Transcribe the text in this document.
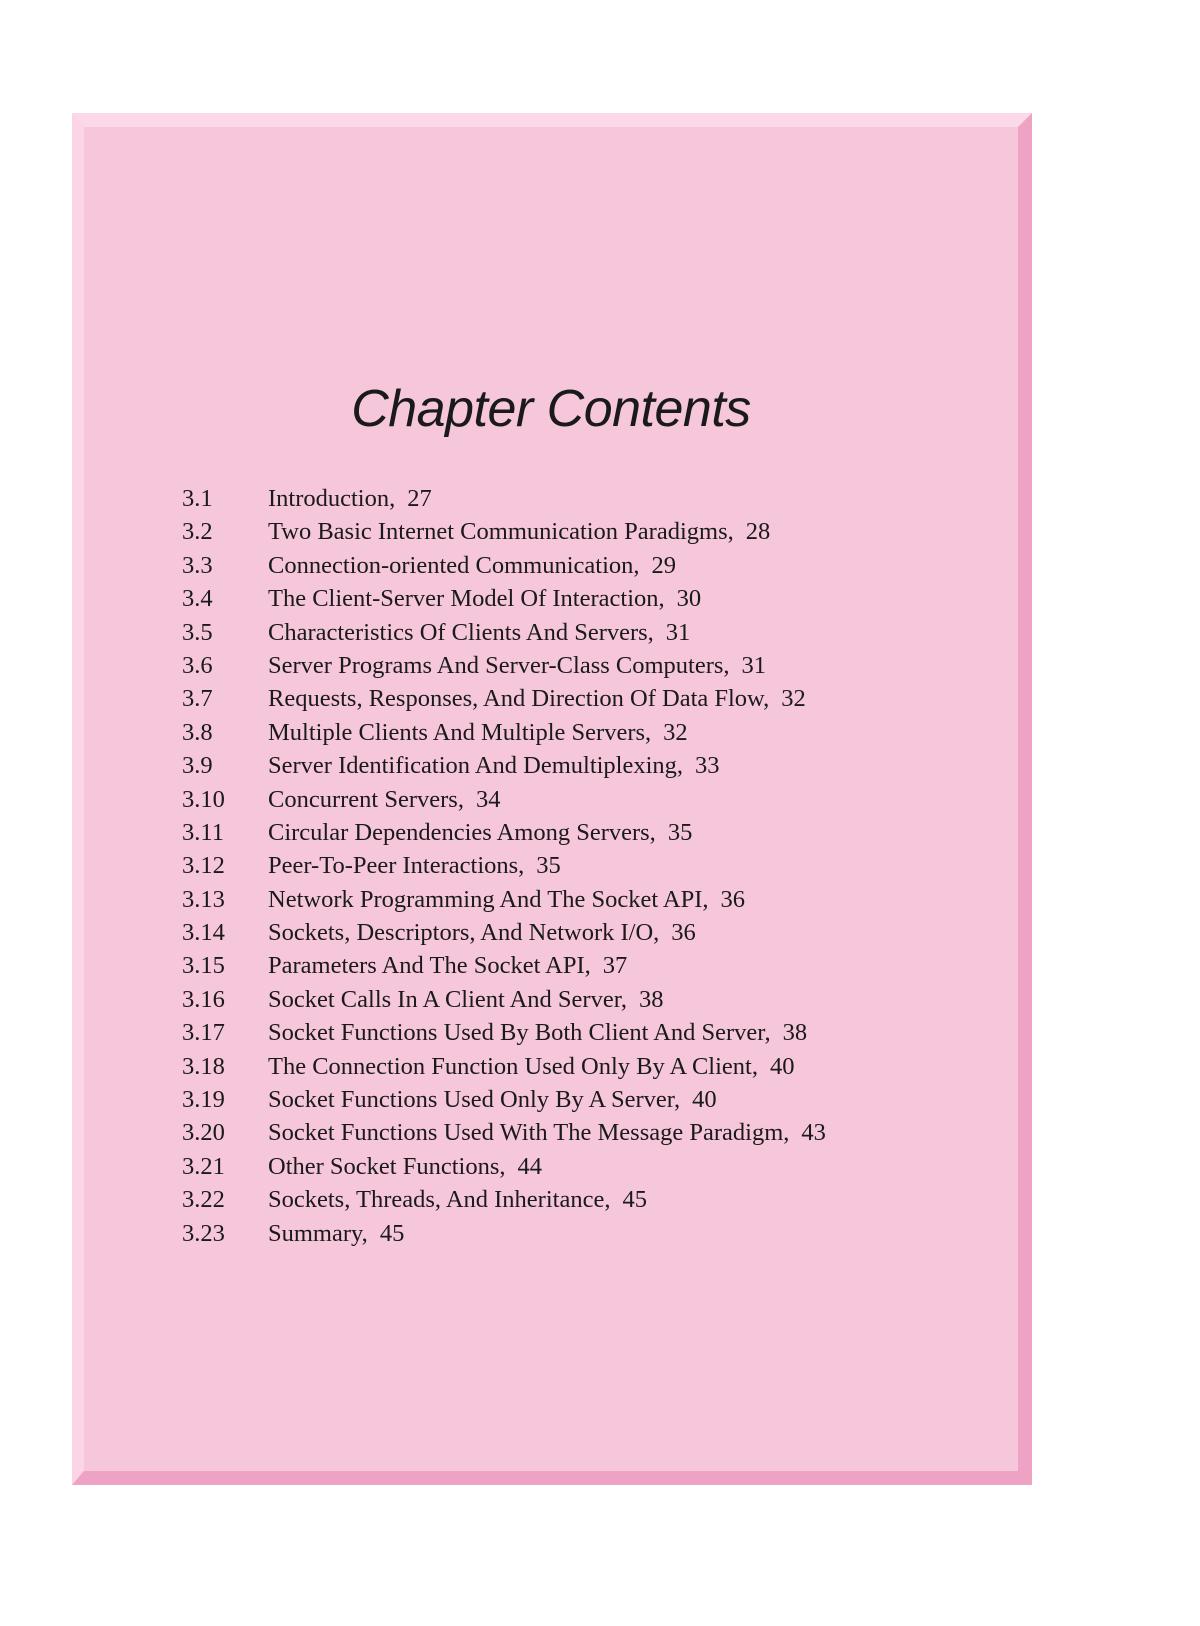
Chapter Contents
3.1	Introduction, 27
3.2	Two Basic Internet Communication Paradigms, 28
3.3	Connection-oriented Communication, 29
3.4	The Client-Server Model Of Interaction, 30
3.5	Characteristics Of Clients And Servers, 31
3.6	Server Programs And Server-Class Computers, 31
3.7	Requests, Responses, And Direction Of Data Flow, 32
3.8	Multiple Clients And Multiple Servers, 32
3.9	Server Identification And Demultiplexing, 33
3.10	Concurrent Servers, 34
3.11	Circular Dependencies Among Servers, 35
3.12	Peer-To-Peer Interactions, 35
3.13	Network Programming And The Socket API, 36
3.14	Sockets, Descriptors, And Network I/O, 36
3.15	Parameters And The Socket API, 37
3.16	Socket Calls In A Client And Server, 38
3.17	Socket Functions Used By Both Client And Server, 38
3.18	The Connection Function Used Only By A Client, 40
3.19	Socket Functions Used Only By A Server, 40
3.20	Socket Functions Used With The Message Paradigm, 43
3.21	Other Socket Functions, 44
3.22	Sockets, Threads, And Inheritance, 45
3.23	Summary, 45
